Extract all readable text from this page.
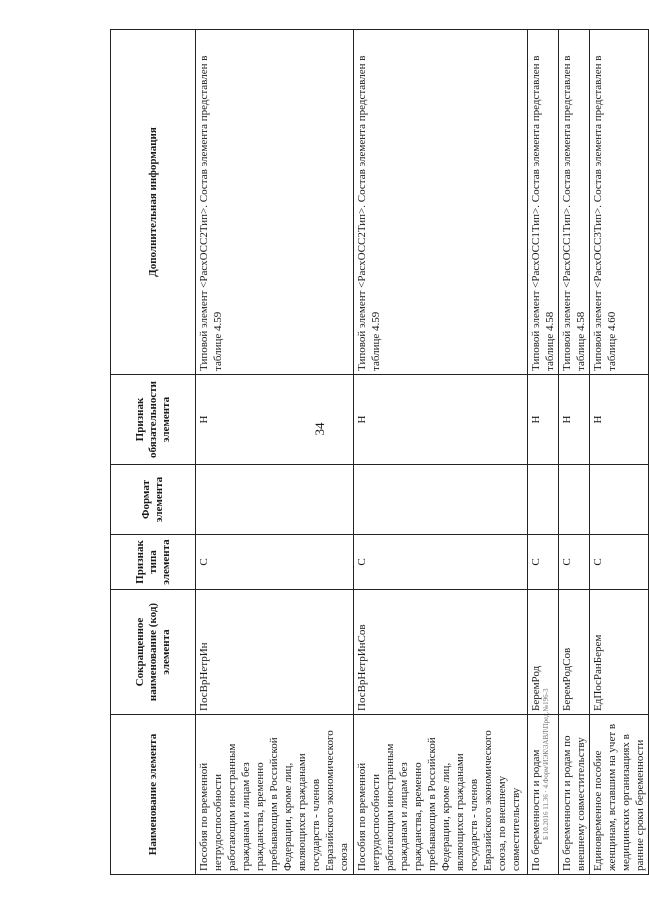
34
Б 10.2016 11.36 · 4.Форм\ИЭК\ЗАВЛ\Пред.№196-3
Наименование элемента	Сокращенное наименование (код) элемента	Признак типа элемента	Формат элемента	Признак обязательности элемента	Дополнительная информация
Пособия по временной нетрудоспособности работающим иностранным гражданам и лицам без гражданства, временно пребывающим в Российской Федерации, кроме лиц, являющихся гражданами государств - членов Евразийского экономического союза	ПосВрНетрИн	С		Н	Типовой элемент <РасхОСС2Тип>. Состав элемента представлен в таблице 4.59
Пособия по временной нетрудоспособности работающим иностранным гражданам и лицам без гражданства, временно пребывающим в Российской Федерации, кроме лиц, являющихся гражданами государств - членов Евразийского экономического союза, по внешнему совместительству	ПосВрНетрИнСов	С		Н	Типовой элемент <РасхОСС2Тип>. Состав элемента представлен в таблице 4.59
По беременности и родам	БеремРод	С		Н	Типовой элемент <РасхОСС1Тип>. Состав элемента представлен в таблице 4.58
По беременности и родам по внешнему совместительству	БеремРодСов	С		Н	Типовой элемент <РасхОСС1Тип>. Состав элемента представлен в таблице 4.58
Единовременное пособие женщинам, вставшим на учет в медицинских организациях в ранние сроки беременности	ЕдПосРанБерем	С		Н	Типовой элемент <РасхОСС3Тип>. Состав элемента представлен в таблице 4.60
